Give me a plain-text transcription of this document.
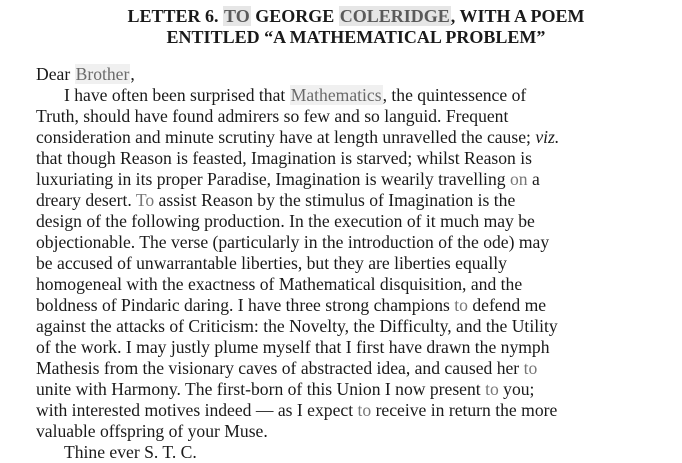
LETTER 6. TO GEORGE COLERIDGE, WITH A POEM
ENTITLED “A MATHEMATICAL PROBLEM”
Dear Brother,
I have often been surprised that Mathematics, the quintessence of
Truth, should have found admirers so few and so languid. Frequent
consideration and minute scrutiny have at length unravelled the cause; viz.
that though Reason is feasted, Imagination is starved; whilst Reason is
luxuriating in its proper Paradise, Imagination is wearily travelling on a
dreary desert. To assist Reason by the stimulus of Imagination is the
design of the following production. In the execution of it much may be
objectionable. The verse (particularly in the introduction of the ode) may
be accused of unwarrantable liberties, but they are liberties equally
homogeneal with the exactness of Mathematical disquisition, and the
boldness of Pindaric daring. I have three strong champions to defend me
against the attacks of Criticism: the Novelty, the Difficulty, and the Utility
of the work. I may justly plume myself that I first have drawn the nymph
Mathesis from the visionary caves of abstracted idea, and caused her to
unite with Harmony. The first-born of this Union I now present to you;
with interested motives indeed — as I expect to receive in return the more
valuable offspring of your Muse.
Thine ever S. T. C.
